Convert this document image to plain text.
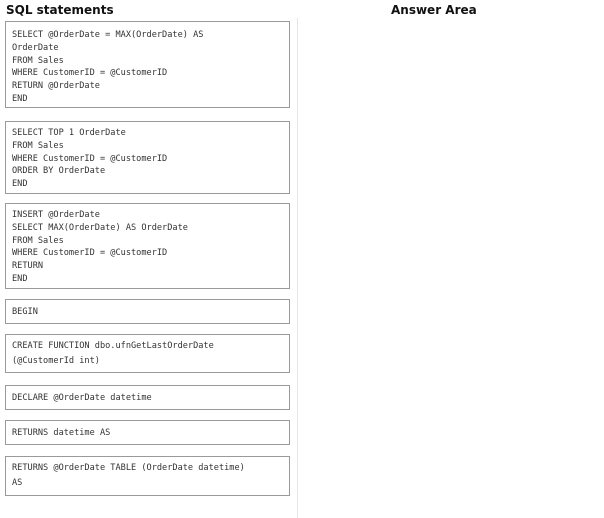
SQL statements	Answer Area
SELECT @OrderDate = MAX(OrderDate) AS
OrderDate
FROM Sales
WHERE CustomerID = @CustomerID
RETURN @OrderDate
END
SELECT TOP 1 OrderDate
FROM Sales
WHERE CustomerID = @CustomerID
ORDER BY OrderDate
END
INSERT @OrderDate
SELECT MAX(OrderDate) AS OrderDate
FROM Sales
WHERE CustomerID = @CustomerID
RETURN
END
BEGIN
CREATE FUNCTION dbo.ufnGetLastOrderDate
(@CustomerId int)
DECLARE @OrderDate datetime
RETURNS datetime AS
RETURNS @OrderDate TABLE (OrderDate datetime)
AS
